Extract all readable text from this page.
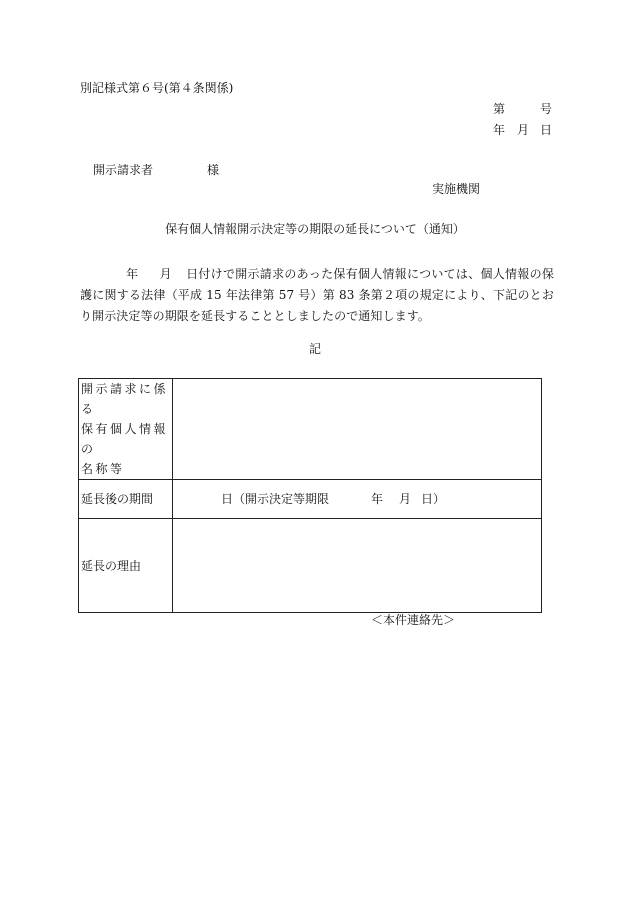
別記様式第６号(第４条関係)
第	号
年 月 日
開示請求者	様
実施機関
保有個人情報開示決定等の期限の延長について（通知）
年 月 日付けで開示請求のあった保有個人情報については、個人情報の保護に関する法律（平成 15 年法律第 57 号）第 83 条第２項の規定により、下記のとおり開示決定等の期限を延長することとしましたので通知します。
記
開示請求に係る
保有個人情報の
名称等	

延長後の期間	日（開示決定等期限 年 月 日）

延長の理由	

＜本件連絡先＞
